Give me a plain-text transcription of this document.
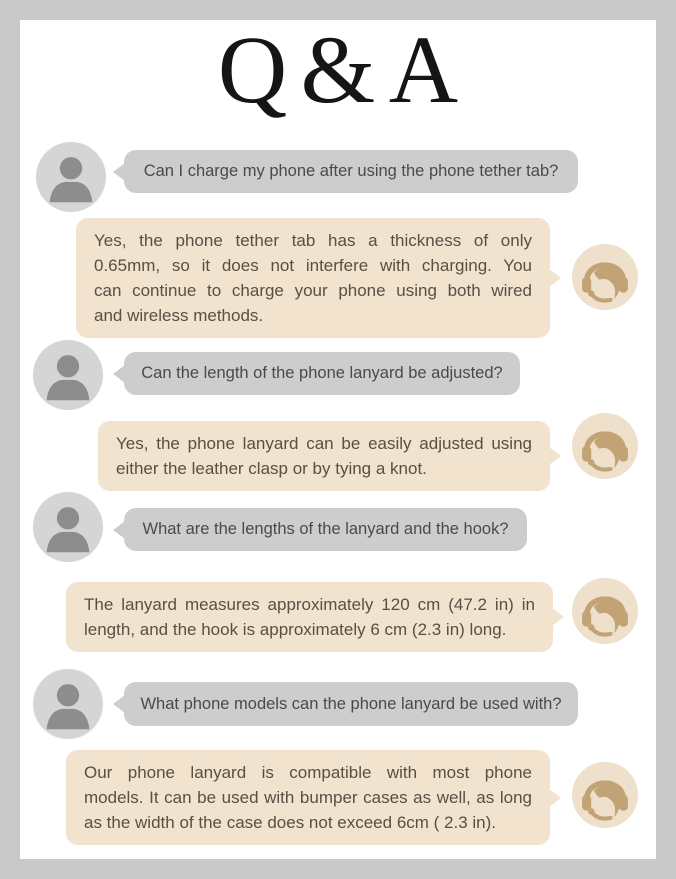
Q&A
Can I charge my phone after using the phone tether tab?
Yes, the phone tether tab has a thickness of only
0.65mm, so it does not interfere with charging. You
can continue to charge your phone using both wired
and wireless methods.
Can the length of the phone lanyard be adjusted?
Yes, the phone lanyard can be easily adjusted using
either the leather clasp or by tying a knot.
What are the lengths of the lanyard and the hook?
The lanyard measures approximately 120 cm (47.2 in) in
length, and the hook is approximately 6 cm (2.3 in) long.
What phone models can the phone lanyard be used with?
Our phone lanyard is compatible with most phone
models. It can be used with bumper cases as well, as long
as the width of the case does not exceed 6cm ( 2.3 in).
